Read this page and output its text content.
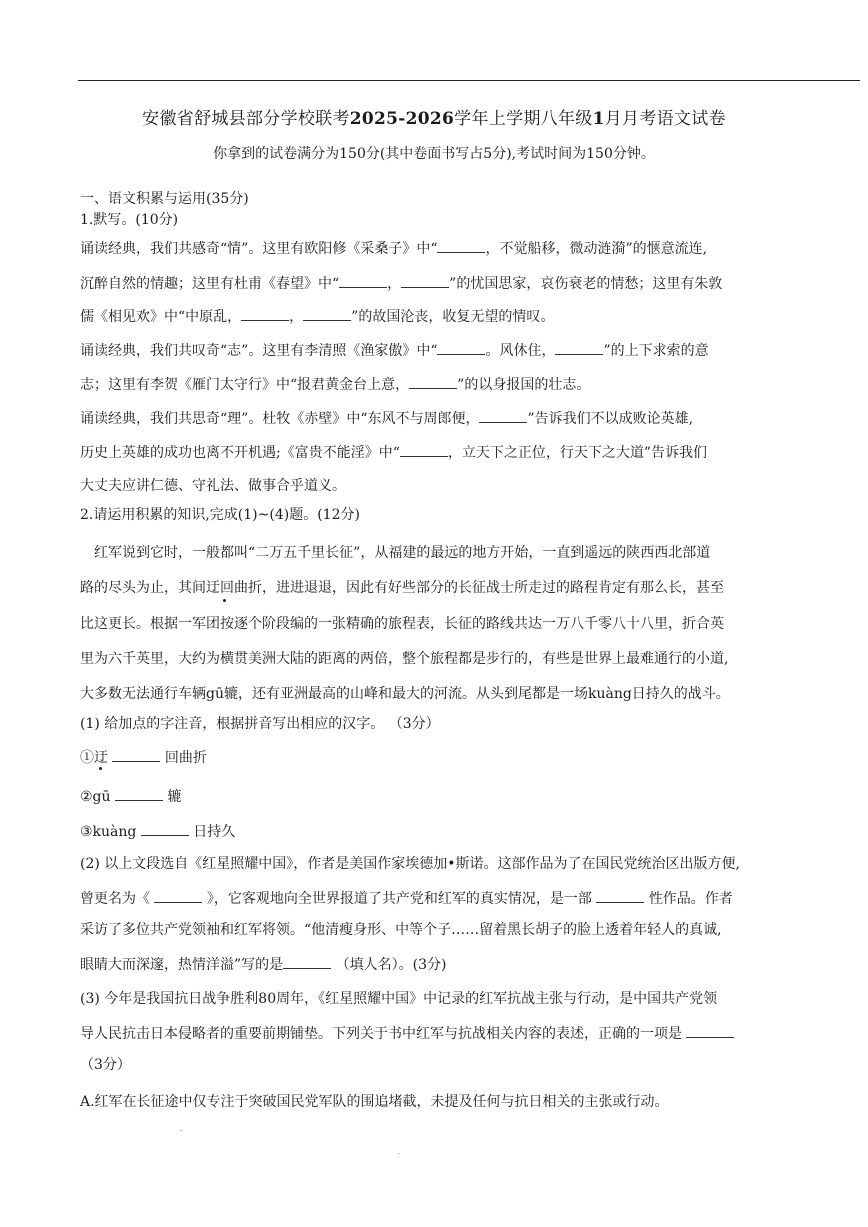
安徽省舒城县部分学校联考2025-2026学年上学期八年级1月月考语文试卷
你拿到的试卷满分为150分(其中卷面书写占5分),考试时间为150分钟。
一、语文积累与运用(35分)
1.默写。(10分)
诵读经典，我们共感奇“情”。这里有欧阳修《采桑子》中“	，不觉船移，微动涟漪”的惬意流连,
沉醉自然的情趣；这里有杜甫《春望》中“	，	”的忧国思家，哀伤衰老的情愁；这里有朱敦
儒《相见欢》中“中原乱，	，	”的故国沦丧，收复无望的情叹。
诵读经典，我们共叹奇“志”。这里有李清照《渔家傲》中“	。风休住，	”的上下求索的意
志；这里有李贺《雁门太守行》中“报君黄金台上意，	”的以身报国的壮志。
诵读经典，我们共思奇“理”。杜牧《赤壁》中“东风不与周郎便，	”告诉我们不以成败论英雄,
历史上英雄的成功也离不开机遇;《富贵不能淫》中“	，立天下之正位，行天下之大道”告诉我们
大丈夫应讲仁德、守礼法、做事合乎道义。
2.请运用积累的知识,完成(1)~(4)题。(12分)
红军说到它时，一般都叫“二万五千里长征”，从福建的最远的地方开始，一直到遥远的陕西西北部道
路的尽头为止，其间迂回曲折，进进退退，因此有好些部分的长征战士所走过的路程肯定有那么长，甚至
比这更长。根据一军团按逐个阶段编的一张精确的旅程表，长征的路线共达一万八千零八十八里，折合英
里为六千英里，大约为横贯美洲大陆的距离的两倍，整个旅程都是步行的，有些是世界上最难通行的小道,
大多数无法通行车辆gū辘，还有亚洲最高的山峰和最大的河流。从头到尾都是一场kuàng日持久的战斗。
(1) 给加点的字注音，根据拼音写出相应的汉字。 （3分）
①迂	回曲折
②gū	辘
③kuàng	日持久
(2) 以上文段选自《红星照耀中国》，作者是美国作家埃德加•斯诺。这部作品为了在国民党统治区出版方便,
曾更名为《	》，它客观地向全世界报道了共产党和红军的真实情况，是一部	性作品。作者
采访了多位共产党领袖和红军将领。“他清瘦身形、中等个子……留着黑长胡子的脸上透着年轻人的真诚,
眼睛大而深邃，热情洋溢”写的是	（填人名）。(3分)
(3) 今年是我国抗日战争胜利80周年，《红星照耀中国》中记录的红军抗战主张与行动，是中国共产党领
导人民抗击日本侵略者的重要前期铺垫。下列关于书中红军与抗战相关内容的表述，正确的一项是
（3分）
A.红军在长征途中仅专注于突破国民党军队的围追堵截，未提及任何与抗日相关的主张或行动。
